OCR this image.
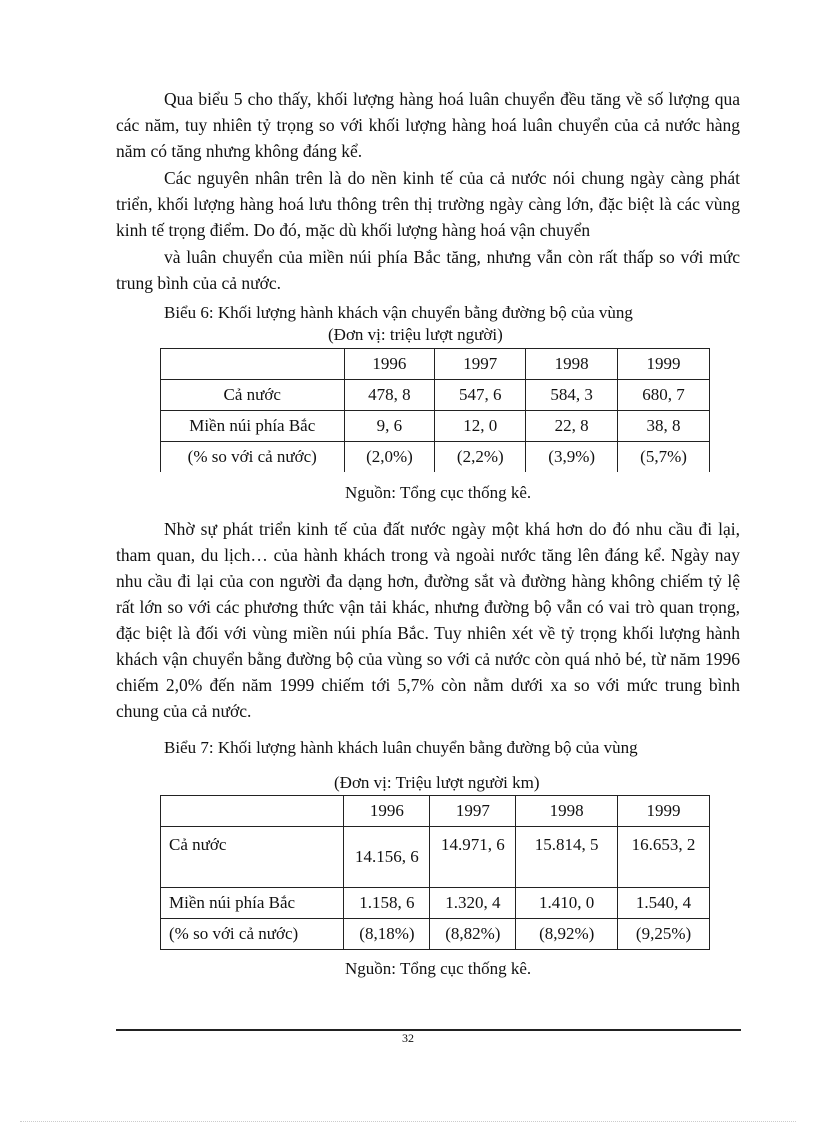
Qua biểu 5 cho thấy, khối lượng hàng hoá luân chuyển đều tăng về số lượng qua các năm, tuy nhiên tỷ trọng so với khối lượng hàng hoá luân chuyển của cả nước hàng năm có tăng nhưng không đáng kể.

Các nguyên nhân trên là do nền kinh tế của cả nước nói chung ngày càng phát triển, khối lượng hàng hoá lưu thông trên thị trường ngày càng lớn, đặc biệt là các vùng kinh tế trọng điểm. Do đó, mặc dù khối lượng hàng hoá vận chuyển

và luân chuyển của miền núi phía Bắc tăng, nhưng vẫn còn rất thấp so với mức trung bình của cả nước.

Biểu 6: Khối lượng hành khách vận chuyển bằng đường bộ của vùng

(Đơn vị: triệu lượt người)

	1996	1997	1998	1999
Cả nước	478, 8	547, 6	584, 3	680, 7
Miền núi phía Bắc	9, 6	12, 0	22, 8	38, 8
(% so với cả nước)	(2,0%)	(2,2%)	(3,9%)	(5,7%)
Nguồn: Tổng cục thống kê.

Nhờ sự phát triển kinh tế của đất nước ngày một khá hơn do đó nhu cầu đi lại, tham quan, du lịch… của hành khách trong và ngoài nước tăng lên đáng kể. Ngày nay nhu cầu đi lại của con người đa dạng hơn, đường sắt và đường hàng không chiếm tỷ lệ rất lớn so với các phương thức vận tải khác, nhưng đường bộ vẫn có vai trò quan trọng, đặc biệt là đối với vùng miền núi phía Bắc. Tuy nhiên xét về tỷ trọng khối lượng hành khách vận chuyển bằng đường bộ của vùng so với cả nước còn quá nhỏ bé, từ năm 1996 chiếm 2,0% đến năm 1999 chiếm tới 5,7% còn nằm dưới xa so với mức trung bình chung của cả nước.

Biểu 7: Khối lượng hành khách luân chuyển bằng đường bộ của vùng

(Đơn vị: Triệu lượt người km)

	1996	1997	1998	1999
Cả nước	14.156, 6	14.971, 6	15.814, 5	16.653, 2
Miền núi phía Bắc	1.158, 6	1.320, 4	1.410, 0	1.540, 4
(% so với cả nước)	(8,18%)	(8,82%)	(8,92%)	(9,25%)
Nguồn: Tổng cục thống kê.
32
